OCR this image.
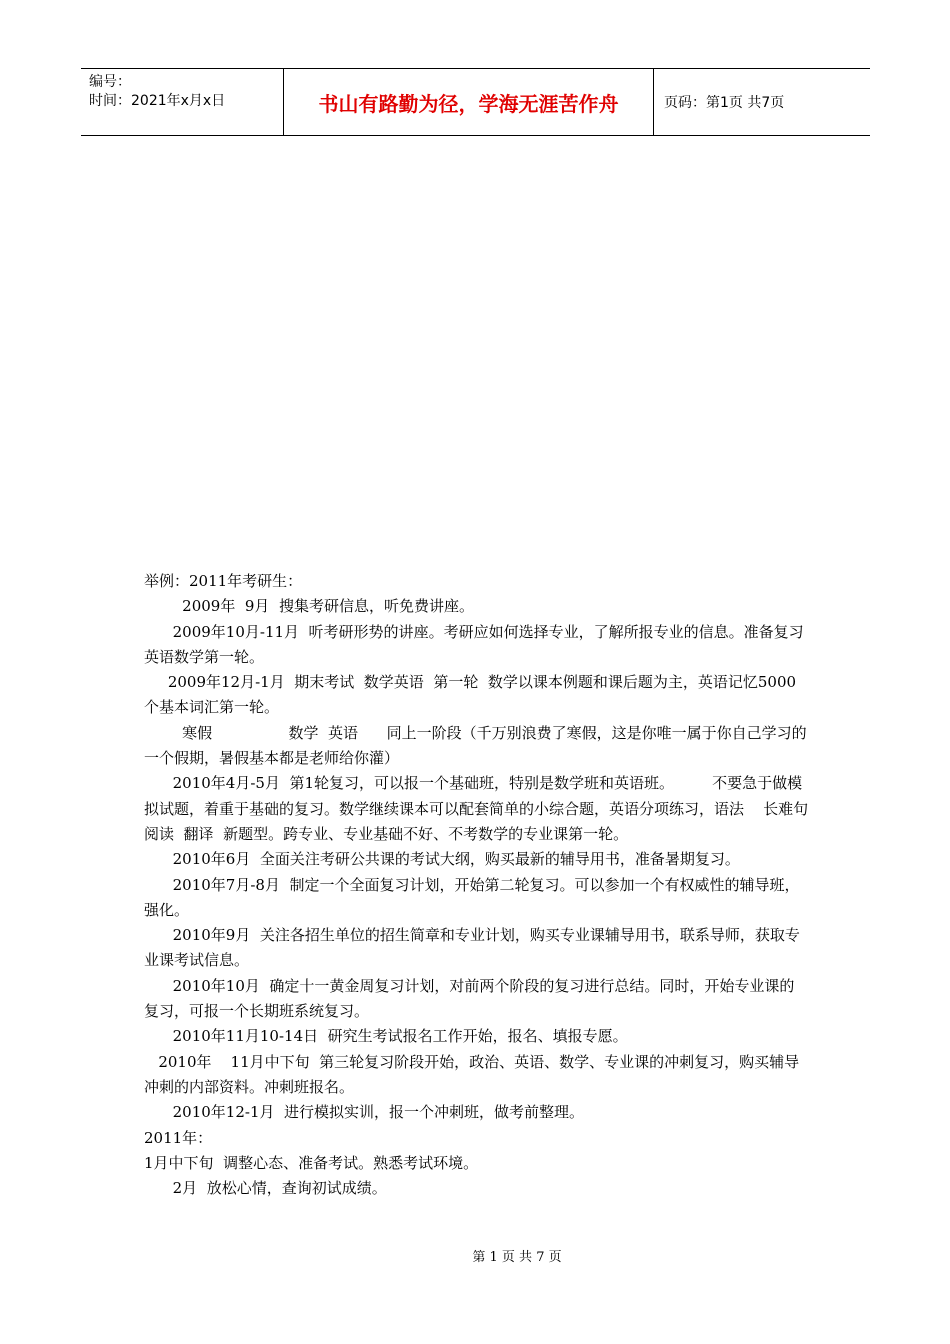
编号：
时间：2021年x月x日	书山有路勤为径，学海无涯苦作舟	页码：第1页 共7页

举例：2011年考研生：

2009年  9月  搜集考研信息，听免费讲座。

2009年10月-11月  听考研形势的讲座。考研应如何选择专业，了解所报专业的信息。准备复习英语数学第一轮。

2009年12月-1月  期末考试  数学英语  第一轮  数学以课本例题和课后题为主，英语记忆5000个基本词汇第一轮。

寒假                数学  英语      同上一阶段（千万别浪费了寒假，这是你唯一属于你自己学习的一个假期，暑假基本都是老师给你灌）

2010年4月-5月  第1轮复习，可以报一个基础班，特别是数学班和英语班。        不要急于做模拟试题，着重于基础的复习。数学继续课本可以配套简单的小综合题，英语分项练习，语法    长难句  阅读  翻译  新题型。跨专业、专业基础不好、不考数学的专业课第一轮。

2010年6月  全面关注考研公共课的考试大纲，购买最新的辅导用书，准备暑期复习。

2010年7月-8月  制定一个全面复习计划，开始第二轮复习。可以参加一个有权威性的辅导班，强化。

2010年9月  关注各招生单位的招生简章和专业计划，购买专业课辅导用书，联系导师，获取专业课考试信息。

2010年10月  确定十一黄金周复习计划，对前两个阶段的复习进行总结。同时，开始专业课的复习，可报一个长期班系统复习。

2010年11月10-14日  研究生考试报名工作开始，报名、填报专愿。

2010年    11月中下旬  第三轮复习阶段开始，政治、英语、数学、专业课的冲刺复习，购买辅导冲刺的内部资料。冲刺班报名。

2010年12-1月  进行模拟实训，报一个冲刺班，做考前整理。

2011年：

1月中下旬  调整心态、准备考试。熟悉考试环境。

2月  放松心情，查询初试成绩。

第 1 页 共 7 页
